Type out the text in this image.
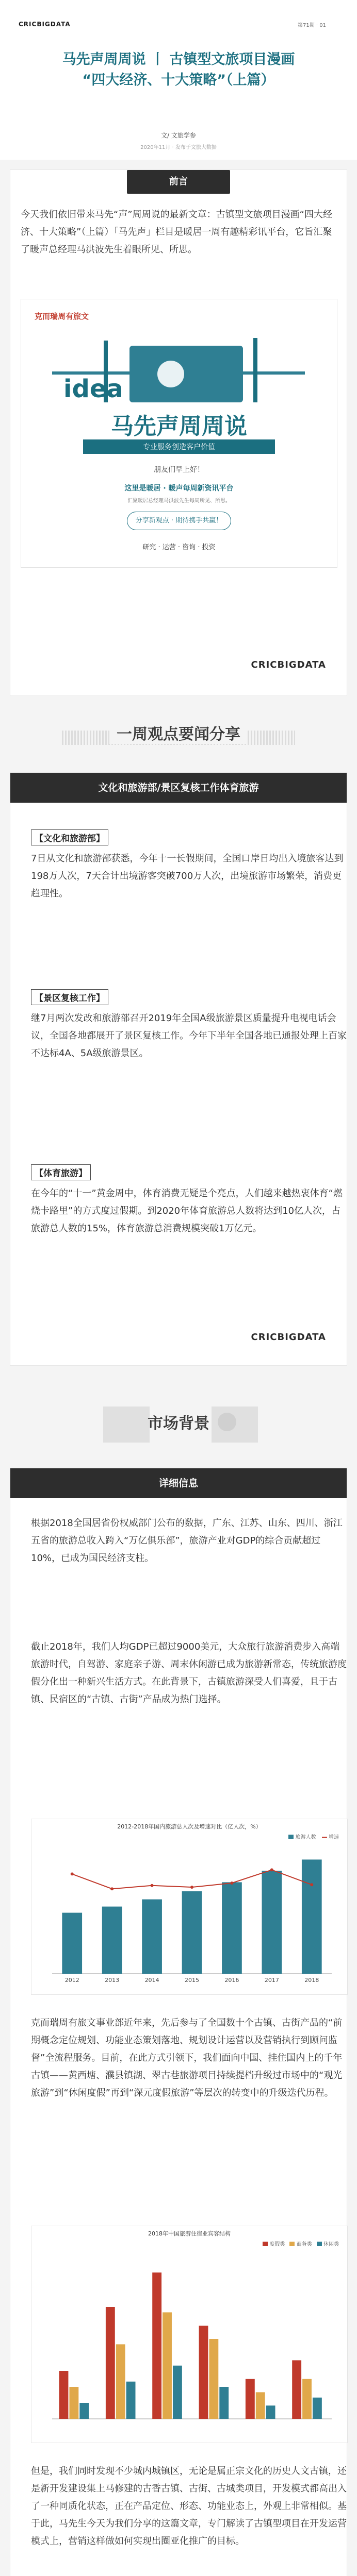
CRICBIGDATA	第71期 · 01
马先声周周说 丨 古镇型文旅项目漫画
“四大经济、十大策略”（上篇）
文/ 文旅学参
2020年11月 · 发布于文旅大数据
前言
今天我们依旧带来马先“声”周周说的最新文章：古镇型文旅项目漫画“四大经济、十大策略”（上篇）「马先声」栏目是暖居一周有趣精彩讯平台，它旨汇聚了暖声总经理马洪波先生着眼所见、所思。
克而瑞周有旅文
idea
马先声周周说
专业服务创造客户价值
朋友们早上好！
这里是暖居 · 暖声每周新资讯平台
汇聚暖居总经理马洪波先生每周所见、所思。
分享新观点 · 期待携手共赢！
研究 · 运营 · 咨询 · 投资
CRICBIGDATA
一周观点要闻分享
文化和旅游部/景区复核工作体育旅游
【文化和旅游部】
7日从文化和旅游部获悉，今年十一长假期间，全国口岸日均出入境旅客达到198万人次，7天合计出境游客突破700万人次，出境旅游市场繁荣，消费更趋理性。
【景区复核工作】
继7月两次发改和旅游部召开2019年全国A级旅游景区质量提升电视电话会议，全国各地都展开了景区复核工作。今年下半年全国各地已通报处理上百家不达标4A、5A级旅游景区。
【体育旅游】
在今年的“十一”黄金周中，体育消费无疑是个亮点，人们越来越热衷体育“燃烧卡路里”的方式度过假期。到2020年体育旅游总人数将达到10亿人次，占旅游总人数的15%，体育旅游总消费规模突破1万亿元。
CRICBIGDATA
市场背景
详细信息
根据2018全国居省份权威部门公布的数据，广东、江苏、山东、四川、浙江五省的旅游总收入跨入“万亿俱乐部”，旅游产业对GDP的综合贡献超过10%，已成为国民经济支柱。
截止2018年，我们人均GDP已超过9000美元，大众旅行旅游消费步入高端旅游时代，自驾游、家庭亲子游、周末休闲游已成为旅游新常态，传统旅游度假分化出一种新兴生活方式。在此背景下，古镇旅游深受人们喜爱，且于古镇、民宿区的“古镇、古街”产品成为热门选择。
2012-2018年国内旅游总人次及增速对比（亿人次，%）
旅游人数 增速
2012	2013	2014	2015	2016	2017	2018
克而瑞周有旅文事业部近年来，先后参与了全国数十个古镇、古街产品的“前期概念定位规划、功能业态策划落地、规划设计运营以及营销执行到顾问监督”全流程服务。目前，在此方式引领下，我们面向中国、挂住国内上的千年古镇——黄西塘、濮县镇湖、翠古巷旅游项目持续提档升级过市场中的“观光旅游”到“休闲度假”再到“深元度假旅游”等层次的转变中的升级迭代历程。
2018年中国旅游住宿业宾客结构
度假类 商务类 休闲类
但是，我们同时发现不少城内城镇区，无论是属正宗文化的历史人文古镇，还是新开发建设集上马修建的古香古镇、古街、古城类项目，开发模式都高出入了一种同质化状态，正在产品定位、形态、功能业态上，外观上非常相似。基于此，马先生今天为我们分享的这篇文章，专门解读了古镇型项目在开发运营模式上，营销这样做如何实现出圈亚化推广的目标。
